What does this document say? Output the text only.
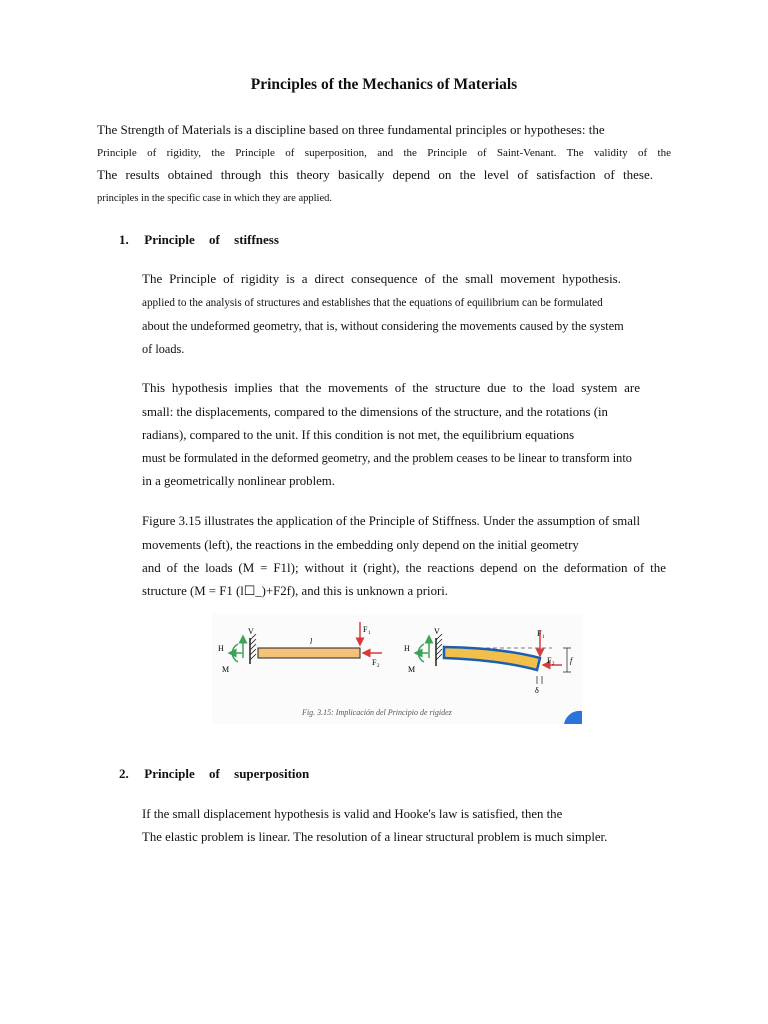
Principles of the Mechanics of Materials
The Strength of Materials is a discipline based on three fundamental principles or hypotheses: the
Principle of rigidity, the Principle of superposition, and the Principle of Saint-Venant. The validity of the
The results obtained through this theory basically depend on the level of satisfaction of these.
principles in the specific case in which they are applied.
1. Principle of stiffness
The Principle of rigidity is a direct consequence of the small movement hypothesis.
applied to the analysis of structures and establishes that the equations of equilibrium can be formulated
about the undeformed geometry, that is, without considering the movements caused by the system
of loads.
This hypothesis implies that the movements of the structure due to the load system are
small: the displacements, compared to the dimensions of the structure, and the rotations (in
radians), compared to the unit. If this condition is not met, the equilibrium equations
must be formulated in the deformed geometry, and the problem ceases to be linear to transform into
in a geometrically nonlinear problem.
Figure 3.15 illustrates the application of the Principle of Stiffness. Under the assumption of small
movements (left), the reactions in the embedding only depend on the initial geometry
and of the loads (M = F1l); without it (right), the reactions depend on the deformation of the
structure (M = F1 (l☐_)+F2f), and this is unknown a priori.
V
H
M
l
F 1
F 2
V
H
M
F 1
F 2 f
δ
Fig. 3.15: Implicación del Principio de rigidez
2. Principle of superposition
If the small displacement hypothesis is valid and Hooke's law is satisfied, then the
The elastic problem is linear. The resolution of a linear structural problem is much simpler.
